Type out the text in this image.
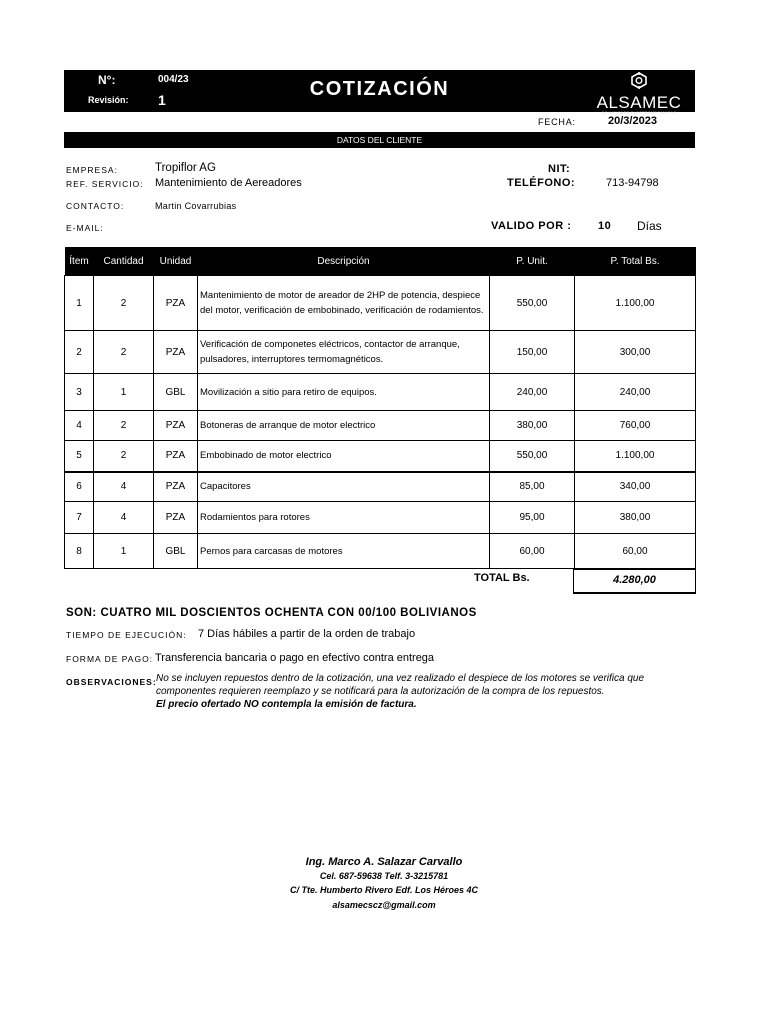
N°:	004/23
Revisión: 1	COTIZACIÓN
ALSAMEC
SOLUCIONES ELECTROMECANICAS
FECHA:	20/3/2023
DATOS DEL CLIENTE
EMPRESA:	Tropiflor AG
REF. SERVICIO: Mantenimiento de Aereadores
CONTACTO:	Martin Covarrubias
E-MAIL:
NIT:
TELÉFONO:	713-94798
VALIDO POR : 10 Días
Ítem	Cantidad	Unidad	Descripción	P. Unit.	P. Total Bs.
1	2	PZA	Mantenimiento de motor de areador de 2HP de potencia, despiece del motor, verificación de embobinado, verificación de rodamientos.	550,00	1.100,00
2	2	PZA	Verificación de componetes eléctricos, contactor de arranque, pulsadores, interruptores termomagnéticos.	150,00	300,00
3	1	GBL	Movilización a sitio para retiro de equipos.	240,00	240,00
4	2	PZA	Botoneras de arranque de motor electrico	380,00	760,00
5	2	PZA	Embobinado de motor electrico	550,00	1.100,00
6	4	PZA	Capacitores	85,00	340,00
7	4	PZA	Rodamientos para rotores	95,00	380,00
8	1	GBL	Pernos para carcasas de motores	60,00	60,00
TOTAL Bs.	4.280,00
SON: CUATRO MIL DOSCIENTOS OCHENTA CON 00/100 BOLIVIANOS
TIEMPO DE EJECUCIÓN: 7 Días hábiles a partir de la orden de trabajo
FORMA DE PAGO: Transferencia bancaria o pago en efectivo contra entrega
OBSERVACIONES: No se incluyen repuestos dentro de la cotización, una vez realizado el despiece de los motores se verifica que
componentes requieren reemplazo y se notificará para la autorización de la compra de los repuestos.
El precio ofertado NO contempla la emisión de factura.
Ing. Marco A. Salazar Carvallo
Cel. 687-59638 Telf. 3-3215781
C/ Tte. Humberto Rivero Edf. Los Héroes 4C
alsamecscz@gmail.com
